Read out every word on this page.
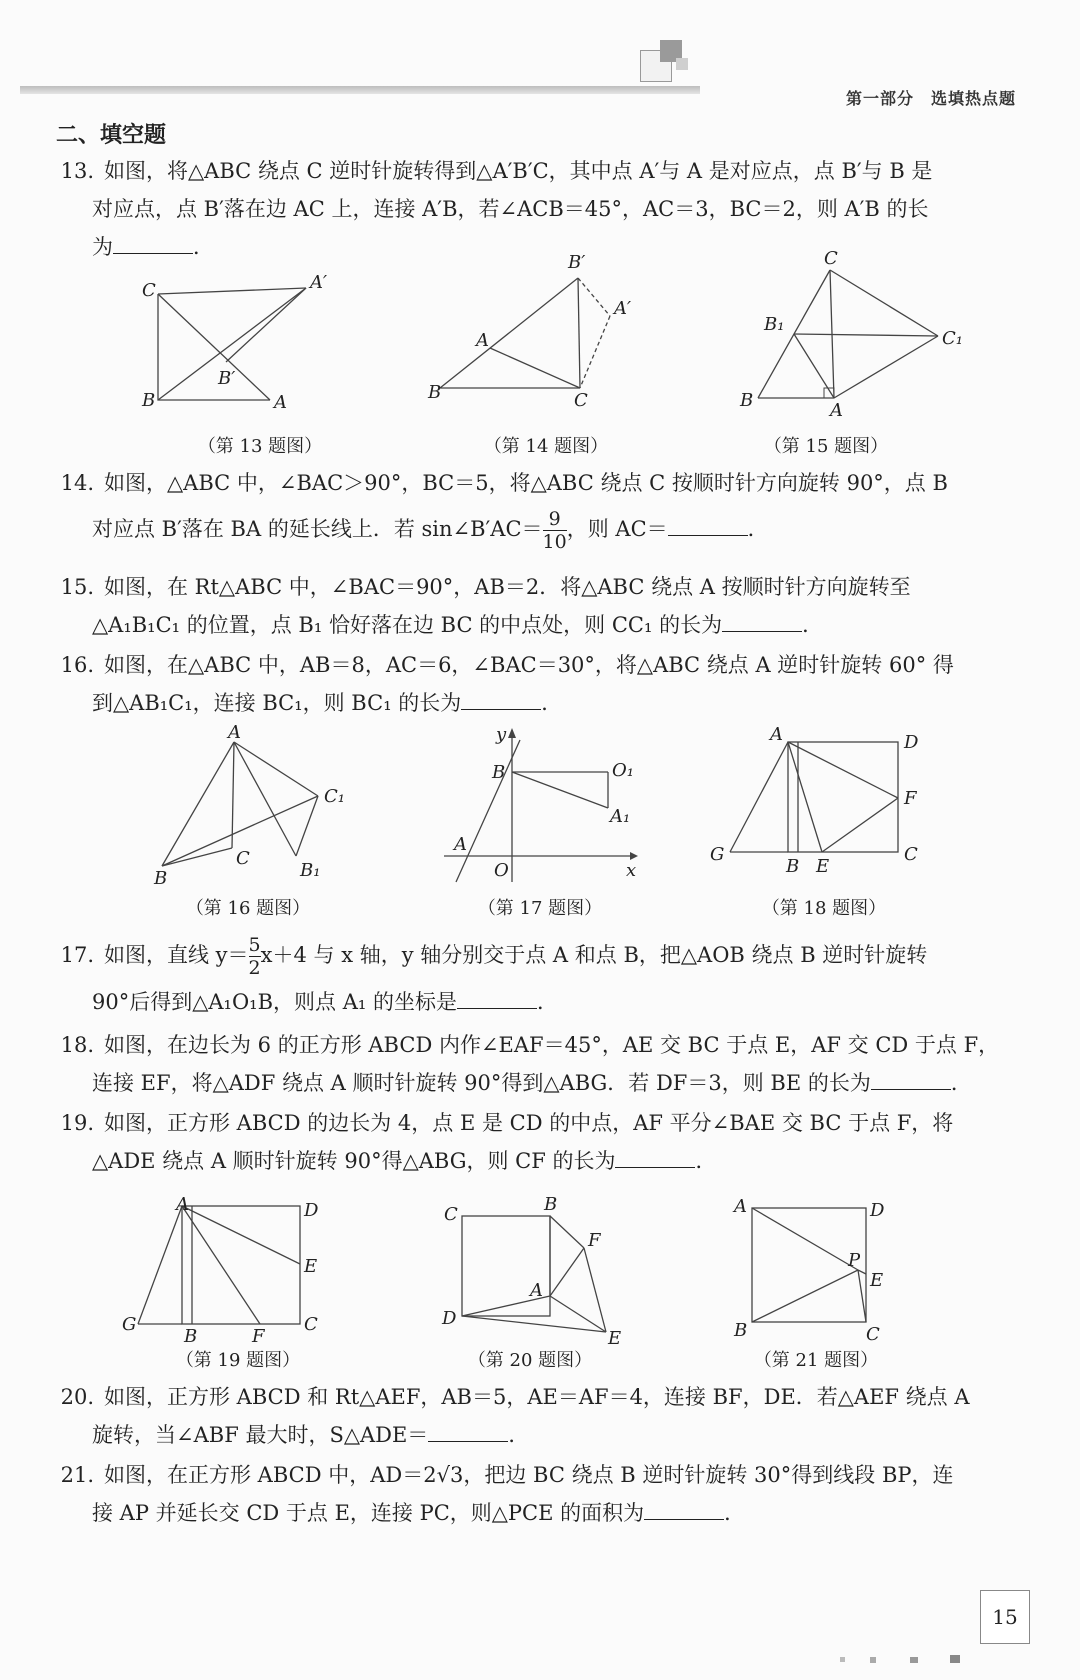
第一部分　选填热点题
二、填空题
13. 如图，将△ABC 绕点 C 逆时针旋转得到△A′B′C，其中点 A′与 A 是对应点，点 B′与 B 是
对应点，点 B′落在边 AC 上，连接 A′B，若∠ACB＝45°，AC＝3，BC＝2，则 A′B 的长
为	．
C	A′
B′
B	A
B′
A′
A
B	C
C
B₁
C₁
B	A
（第 13 题图）	（第 14 题图）	（第 15 题图）
14. 如图，△ABC 中，∠BAC＞90°，BC＝5，将△ABC 绕点 C 按顺时针方向旋转 90°，点 B
对应点 B′落在 BA 的延长线上．若 sin∠B′AC＝ $\frac{9}{10}$ ，则 AC＝	．
15. 如图，在 Rt△ABC 中，∠BAC＝90°，AB＝2．将△ABC 绕点 A 按顺时针方向旋转至
△A₁B₁C₁ 的位置，点 B₁ 恰好落在边 BC 的中点处，则 CC₁ 的长为	．
16. 如图，在△ABC 中，AB＝8，AC＝6，∠BAC＝30°，将△ABC 绕点 A 逆时针旋转 60° 得
到△AB₁C₁，连接 BC₁，则 BC₁ 的长为	．
A
C₁
C
B	B₁
y
B	O₁
A₁
A
O	x
A	D
F
G
B E
C
（第 16 题图）	（第 17 题图）	（第 18 题图）
17. 如图，直线 $y= \frac{5}{2} x+4$ 与 x 轴，y 轴分别交于点 A 和点 B，把△AOB 绕点 B 逆时针旋转
90°后得到△A₁O₁B，则点 A₁ 的坐标是	．
18. 如图，在边长为 6 的正方形 ABCD 内作∠EAF＝45°，AE 交 BC 于点 E，AF 交 CD 于点 F，
连接 EF，将△ADF 绕点 A 顺时针旋转 90°得到△ABG．若 DF＝3，则 BE 的长为	．
19. 如图，正方形 ABCD 的边长为 4，点 E 是 CD 的中点，AF 平分∠BAE 交 BC 于点 F，将
△ADE 绕点 A 顺时针旋转 90°得△ABG，则 CF 的长为	．
A	D
E
G
B	F
C
C	B
F
A
D
E
A	D
P
E
B	C
（第 19 题图）	（第 20 题图）	（第 21 题图）
20. 如图，正方形 ABCD 和 Rt△AEF，AB＝5，AE＝AF＝4，连接 BF，DE．若△AEF 绕点 A
旋转，当∠ABF 最大时，S△ADE＝	．
21. 如图，在正方形 ABCD 中，AD＝2√3，把边 BC 绕点 B 逆时针旋转 30°得到线段 BP，连
接 AP 并延长交 CD 于点 E，连接 PC，则△PCE 的面积为	．
15
